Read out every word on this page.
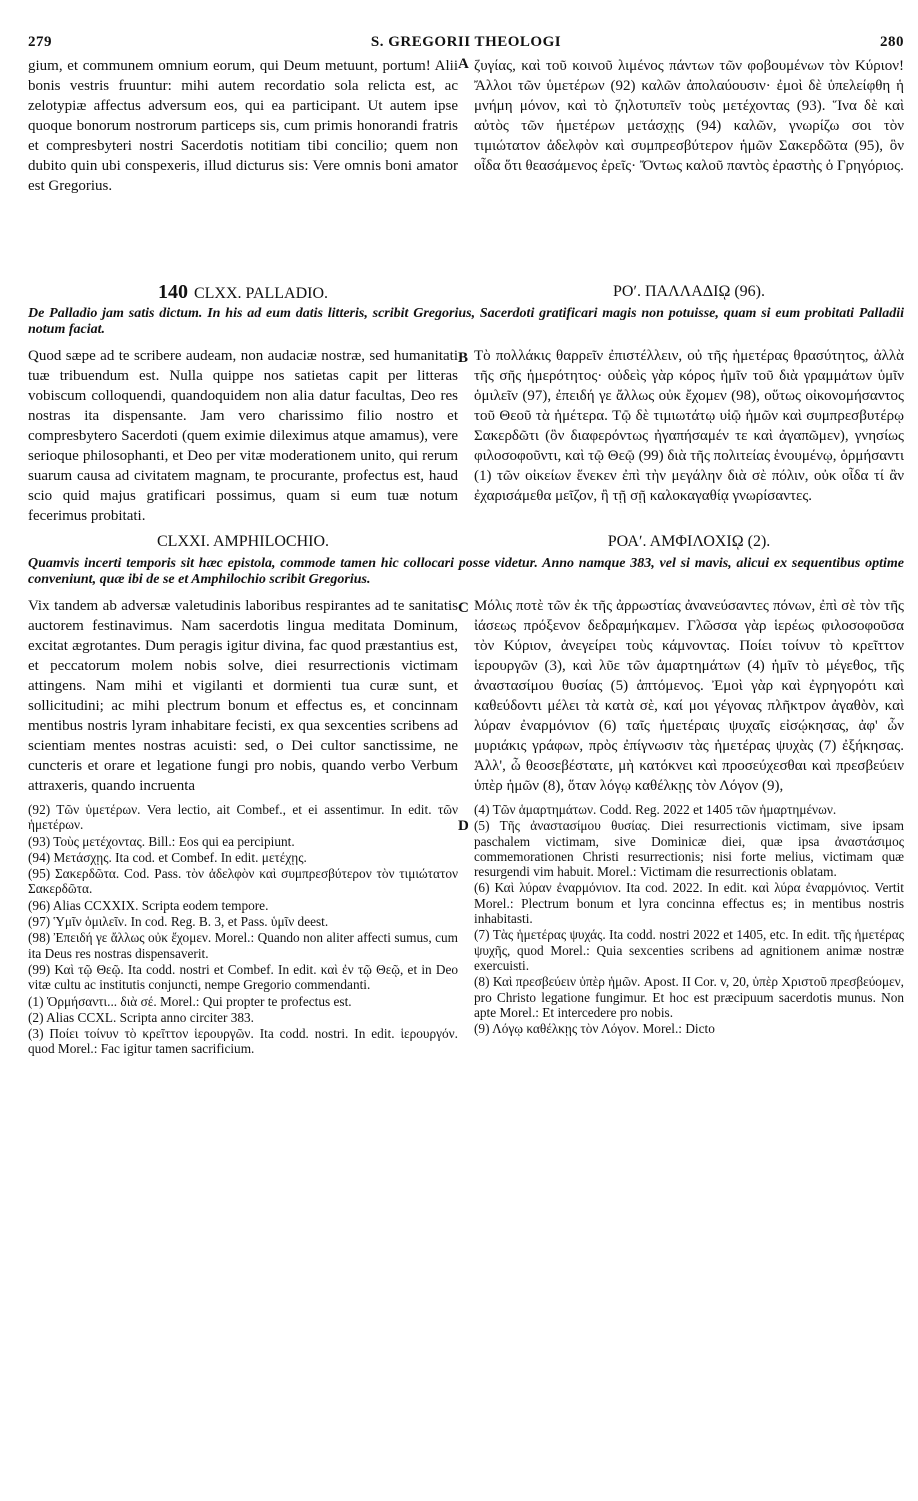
279	S. GREGORII THEOLOGI	280

gium, et communem omnium eorum, qui Deum metuunt, portum! Alii bonis vestris fruuntur: mihi autem recordatio sola relicta est, ac zelotypiæ affectus adversum eos, qui ea participant. Ut autem ipse quoque bonorum nostrorum particeps sis, cum primis honorandi fratris et compresbyteri nostri Sacerdotis notitiam tibi concilio; quem non dubito quin ubi conspexeris, illud dicturus sis: Vere omnis boni amator est Gregorius.

A ζυγίας, καὶ τοῦ κοινοῦ λιμένος πάντων τῶν φοβουμένων τὸν Κύριον! Ἄλλοι τῶν ὑμετέρων (92) καλῶν ἀπολαύουσιν· ἐμοὶ δὲ ὑπελείφθη ἡ μνήμη μόνον, καὶ τὸ ζηλοτυπεῖν τοὺς μετέχοντας (93). Ἵνα δὲ καὶ αὐτὸς τῶν ἡμετέρων μετάσχῃς (94) καλῶν, γνωρίζω σοι τὸν τιμιώτατον ἀδελφὸν καὶ συμπρεσβύτερον ἡμῶν Σακερδῶτα (95), ὃν οἶδα ὅτι θεασάμενος ἐρεῖς· Ὄντως καλοῦ παντὸς ἐραστὴς ὁ Γρηγόριος.

140 CLXX. PALLADIO.	ΡΟʹ. ΠΑΛΛΑΔΙῼ (96).

De Palladio jam satis dictum. In his ad eum datis litteris, scribit Gregorius, Sacerdoti gratificari magis non potuisse, quam si eum probitati Palladii notum faciat.

Quod sæpe ad te scribere audeam, non audaciæ nostræ, sed humanitati tuæ tribuendum est. Nulla quippe nos satietas capit per litteras vobiscum colloquendi, quandoquidem non alia datur facultas, Deo res nostras ita dispensante. Jam vero charissimo filio nostro et compresbytero Sacerdoti (quem eximie dileximus atque amamus), vere serioque philosophanti, et Deo per vitæ moderationem unito, qui rerum suarum causa ad civitatem magnam, te procurante, profectus est, haud scio quid majus gratificari possimus, quam si eum tuæ notum fecerimus probitati.

B Τὸ πολλάκις θαρρεῖν ἐπιστέλλειν, οὐ τῆς ἡμετέρας θρασύτητος, ἀλλὰ τῆς σῆς ἡμερότητος· οὐδεὶς γὰρ κόρος ἡμῖν τοῦ διὰ γραμμάτων ὑμῖν ὁμιλεῖν (97), ἐπειδή γε ἄλλως οὐκ ἔχομεν (98), οὕτως οἰκονομήσαντος τοῦ Θεοῦ τὰ ἡμέτερα. Τῷ δὲ τιμιωτάτῳ υἱῷ ἡμῶν καὶ συμπρεσβυτέρῳ Σακερδῶτι (ὃν διαφερόντως ἠγαπήσαμέν τε καὶ ἀγαπῶμεν), γνησίως φιλοσοφοῦντι, καὶ τῷ Θεῷ (99) διὰ τῆς πολιτείας ἑνουμένῳ, ὁρμήσαντι (1) τῶν οἰκείων ἕνεκεν ἐπὶ τὴν μεγάλην διὰ σὲ πόλιν, οὐκ οἶδα τί ἂν ἐχαρισάμεθα μεῖζον, ἢ τῇ σῇ καλοκαγαθίᾳ γνωρίσαντες.

CLXXI. AMPHILOCHIO.	ΡΟΑʹ. ΑΜΦΙΛΟΧΙῼ (2).

Quamvis incerti temporis sit hæc epistola, commode tamen hic collocari posse videtur. Anno namque 383, vel si mavis, alicui ex sequentibus optime conveniunt, quæ ibi de se et Amphilochio scribit Gregorius.

Vix tandem ab adversæ valetudinis laboribus respirantes ad te sanitatis auctorem festinavimus. Nam sacerdotis lingua meditata Dominum, excitat ægrotantes. Dum peragis igitur divina, fac quod præstantius est, et peccatorum molem nobis solve, diei resurrectionis victimam attingens. Nam mihi et vigilanti et dormienti tua curæ sunt, et sollicitudini; ac mihi plectrum bonum et effectus es, et concinnam mentibus nostris lyram inhabitare fecisti, ex qua sexcenties scribens ad scientiam mentes nostras acuisti: sed, o Dei cultor sanctissime, ne cuncteris et orare et legatione fungi pro nobis, quando verbo Verbum attraxeris, quando incruenta

C Μόλις ποτὲ τῶν ἐκ τῆς ἀρρωστίας ἀνανεύσαντες πόνων, ἐπὶ σὲ τὸν τῆς ἰάσεως πρόξενον δεδραμήκαμεν. Γλῶσσα γὰρ ἱερέως φιλοσοφοῦσα τὸν Κύριον, ἀνεγείρει τοὺς κάμνοντας. Ποίει τοίνυν τὸ κρεῖττον ἱερουργῶν (3), καὶ λῦε τῶν ἁμαρτημάτων (4) ἡμῖν τὸ μέγεθος, τῆς ἀναστασίμου θυσίας (5) ἁπτόμενος. Ἐμοὶ γὰρ καὶ ἐγρηγορότι καὶ καθεύδοντι μέλει τὰ κατὰ σὲ, καί μοι γέγονας πλῆκτρον ἀγαθὸν, καὶ λύραν ἐναρμόνιον (6) ταῖς ἡμετέραις ψυχαῖς εἰσῴκησας, ἀφ' ὧν μυριάκις γράφων, πρὸς ἐπίγνωσιν τὰς ἡμετέρας ψυχὰς (7) ἐξήκησας. Ἀλλ', ὦ θεοσεβέστατε, μὴ κατόκνει καὶ προσεύχεσθαι καὶ πρεσβεύειν ὑπὲρ ἡμῶν (8), ὅταν λόγῳ καθέλκῃς τὸν Λόγον (9),

(92) Τῶν ὑμετέρων. Vera lectio, ait Combef., et ei assentimur. In edit. τῶν ἡμετέρων.

(93) Τοὺς μετέχοντας. Bill.: Eos qui ea percipiunt.

(94) Μετάσχῃς. Ita cod. et Combef. In edit. μετέχῃς.

(95) Σακερδῶτα. Cod. Pass. τὸν ἀδελφὸν καὶ συμπρεσβύτερον τὸν τιμιώτατον Σακερδῶτα.

(96) Alias CCXXIX. Scripta eodem tempore.

(97) Ὑμῖν ὁμιλεῖν. In cod. Reg. B. 3, et Pass. ὑμῖν deest.

(98) Ἐπειδή γε ἄλλως οὐκ ἔχομεν. Morel.: Quando non aliter affecti sumus, cum ita Deus res nostras dispensaverit.

(99) Καὶ τῷ Θεῷ. Ita codd. nostri et Combef. In edit. καὶ ἐν τῷ Θεῷ, et in Deo vitæ cultu ac institutis conjuncti, nempe Gregorio commendanti.

(1) Ὁρμήσαντι... διὰ σέ. Morel.: Qui propter te profectus est.

(2) Alias CCXL. Scripta anno circiter 383.

(3) Ποίει τοίνυν τὸ κρεῖττον ἱερουργῶν. Ita codd. nostri. In edit. ἱερουργόν. quod Morel.: Fac igitur tamen sacrificium.

D

(4) Τῶν ἁμαρτημάτων. Codd. Reg. 2022 et 1405 τῶν ἡμαρτημένων.

(5) Τῆς ἀναστασίμου θυσίας. Diei resurrectionis victimam, sive ipsam paschalem victimam, sive Dominicæ diei, quæ ipsa ἀναστάσιμος commemorationen Christi resurrectionis; nisi forte melius, victimam quæ resurgendi vim habuit. Morel.: Victimam die resurrectionis oblatam.

(6) Καὶ λύραν ἐναρμόνιον. Ita cod. 2022. In edit. καὶ λύρα ἐναρμόνιος. Vertit Morel.: Plectrum bonum et lyra concinna effectus es; in mentibus nostris inhabitasti.

(7) Τὰς ἡμετέρας ψυχάς. Ita codd. nostri 2022 et 1405, etc. In edit. τῆς ἡμετέρας ψυχῆς, quod Morel.: Quia sexcenties scribens ad agnitionem animæ nostræ exercuisti.

(8) Καὶ πρεσβεύειν ὑπὲρ ἡμῶν. Apost. II Cor. v, 20, ὑπὲρ Χριστοῦ πρεσβεύομεν, pro Christo legatione fungimur. Et hoc est præcipuum sacerdotis munus. Non apte Morel.: Et intercedere pro nobis.

(9) Λόγῳ καθέλκῃς τὸν Λόγον. Morel.: Dicto
